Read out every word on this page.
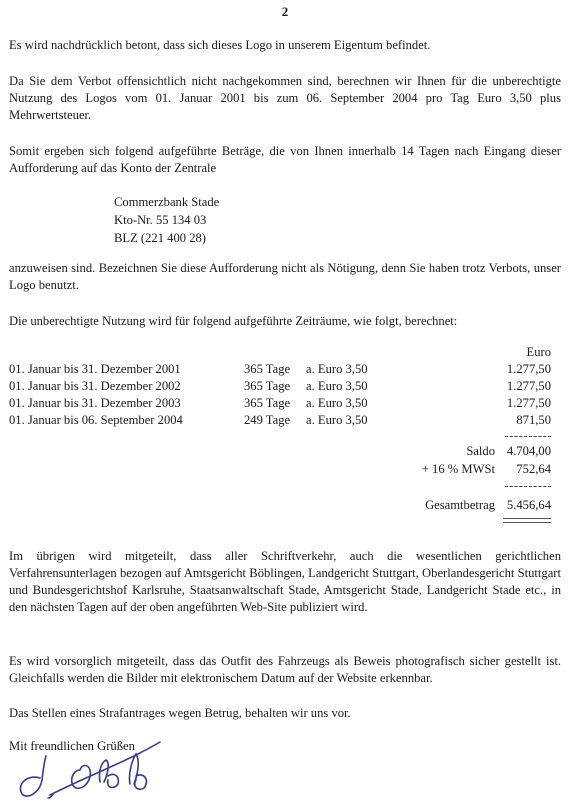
2

Es wird nachdrücklich betont, dass sich dieses Logo in unserem Eigentum befindet.

Da Sie dem Verbot offensichtlich nicht nachgekommen sind, berechnen wir Ihnen für die unberechtigte Nutzung des Logos vom 01. Januar 2001 bis zum 06. September 2004 pro Tag Euro 3,50 plus Mehrwertsteuer.

Somit ergeben sich folgend aufgeführte Beträge, die von Ihnen innerhalb 14 Tagen nach Eingang dieser Aufforderung auf das Konto der Zentrale

Commerzbank Stade
Kto-Nr. 55 134 03
BLZ (221 400 28)

anzuweisen sind. Bezeichnen Sie diese Aufforderung nicht als Nötigung, denn Sie haben trotz Verbots, unser Logo benutzt.

Die unberechtigte Nutzung wird für folgend aufgeführte Zeiträume, wie folgt, berechnet:

Euro
01. Januar bis 31. Dezember 2001	365 Tage a. Euro 3,50	1.277,50
01. Januar bis 31. Dezember 2002	365 Tage a. Euro 3,50	1.277,50
01. Januar bis 31. Dezember 2003	365 Tage a. Euro 3,50	1.277,50
01. Januar bis 06. September 2004	249 Tage a. Euro 3,50	871,50
Saldo 4.704,00
+ 16 % MWSt 752,64
Gesamtbetrag 5.456,64

Im übrigen wird mitgeteilt, dass aller Schriftverkehr, auch die wesentlichen gerichtlichen Verfahrensunterlagen bezogen auf Amtsgericht Böblingen, Landgericht Stuttgart, Oberlandesgericht Stuttgart und Bundesgerichtshof Karlsruhe, Staatsanwaltschaft Stade, Amtsgericht Stade, Landgericht Stade etc., in den nächsten Tagen auf der oben angeführten Web-Site publiziert wird.

Es wird vorsorglich mitgeteilt, dass das Outfit des Fahrzeugs als Beweis photografisch sicher gestellt ist. Gleichfalls werden die Bilder mit elektronischem Datum auf der Website erkennbar.

Das Stellen eines Strafantrages wegen Betrug, behalten wir uns vor.

Mit freundlichen Grüßen
